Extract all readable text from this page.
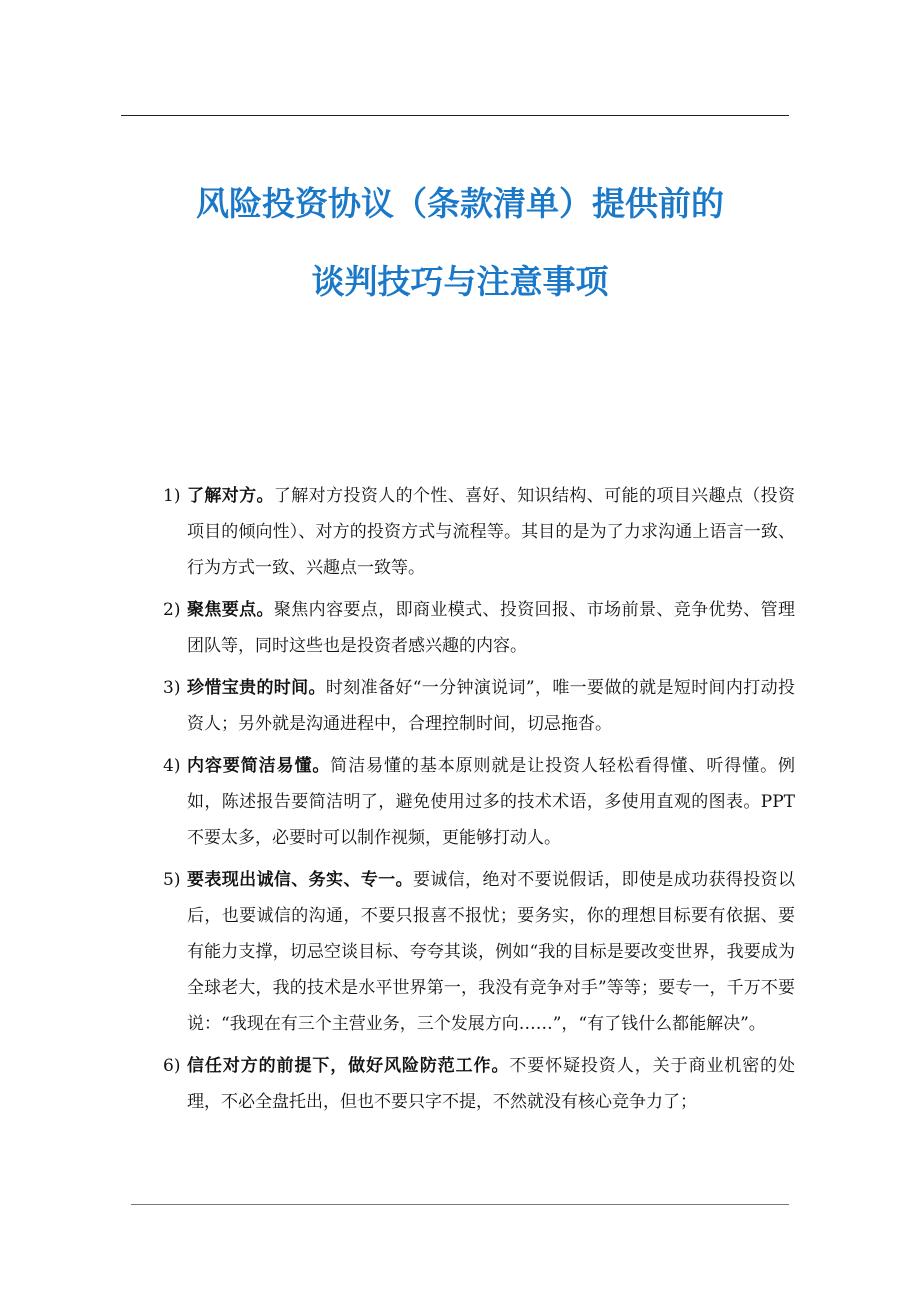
风险投资协议（条款清单）提供前的
谈判技巧与注意事项
1) 了解对方。了解对方投资人的个性、喜好、知识结构、可能的项目兴趣点（投资项目的倾向性）、对方的投资方式与流程等。其目的是为了力求沟通上语言一致、行为方式一致、兴趣点一致等。
2) 聚焦要点。聚焦内容要点，即商业模式、投资回报、市场前景、竞争优势、管理团队等，同时这些也是投资者感兴趣的内容。
3) 珍惜宝贵的时间。时刻准备好“一分钟演说词”，唯一要做的就是短时间内打动投资人；另外就是沟通进程中，合理控制时间，切忌拖沓。
4) 内容要简洁易懂。简洁易懂的基本原则就是让投资人轻松看得懂、听得懂。例如，陈述报告要简洁明了，避免使用过多的技术术语，多使用直观的图表。PPT 不要太多，必要时可以制作视频，更能够打动人。
5) 要表现出诚信、务实、专一。要诚信，绝对不要说假话，即使是成功获得投资以后，也要诚信的沟通，不要只报喜不报忧；要务实，你的理想目标要有依据、要有能力支撑，切忌空谈目标、夸夸其谈，例如“我的目标是要改变世界，我要成为全球老大，我的技术是水平世界第一，我没有竞争对手”等等；要专一，千万不要说：“我现在有三个主营业务，三个发展方向……”，“有了钱什么都能解决”。
6) 信任对方的前提下，做好风险防范工作。不要怀疑投资人，关于商业机密的处理，不必全盘托出，但也不要只字不提，不然就没有核心竞争力了；
